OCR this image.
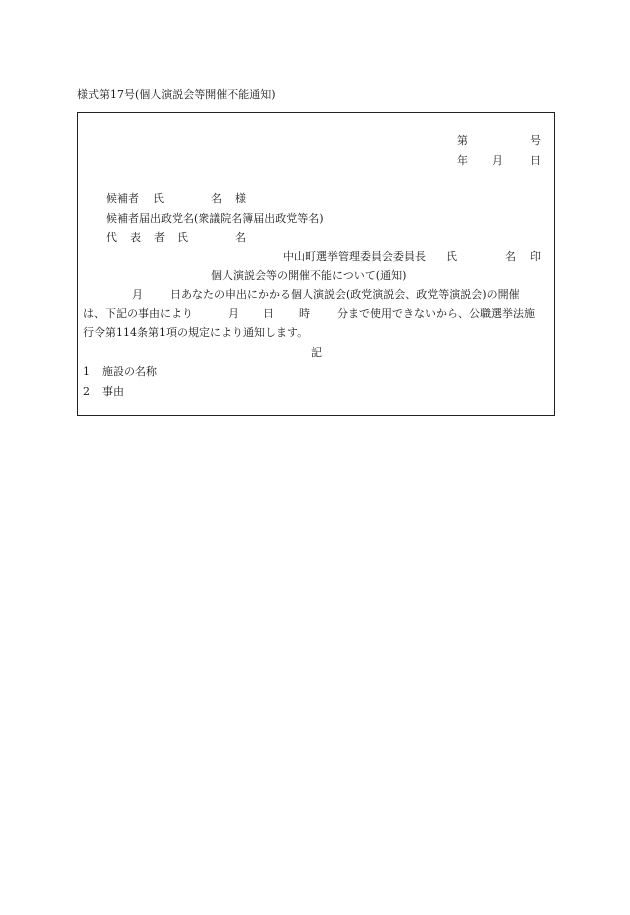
様式第17号(個人演説会等開催不能通知)
第	号
年 月 日
候補者 氏	名 様
候補者届出政党名(衆議院名簿届出政党等名)
代 表 者 氏	名
中山町選挙管理委員会委員長 氏	名 印
個人演説会等の開催不能について(通知)
月 日あなたの申出にかかる個人演説会(政党演説会、政党等演説会)の開催
は、下記の事由により	月 日 時 分まで使用できないから、公職選挙法施
行令第114条第1項の規定により通知します。
記
1 施設の名称
2 事由
